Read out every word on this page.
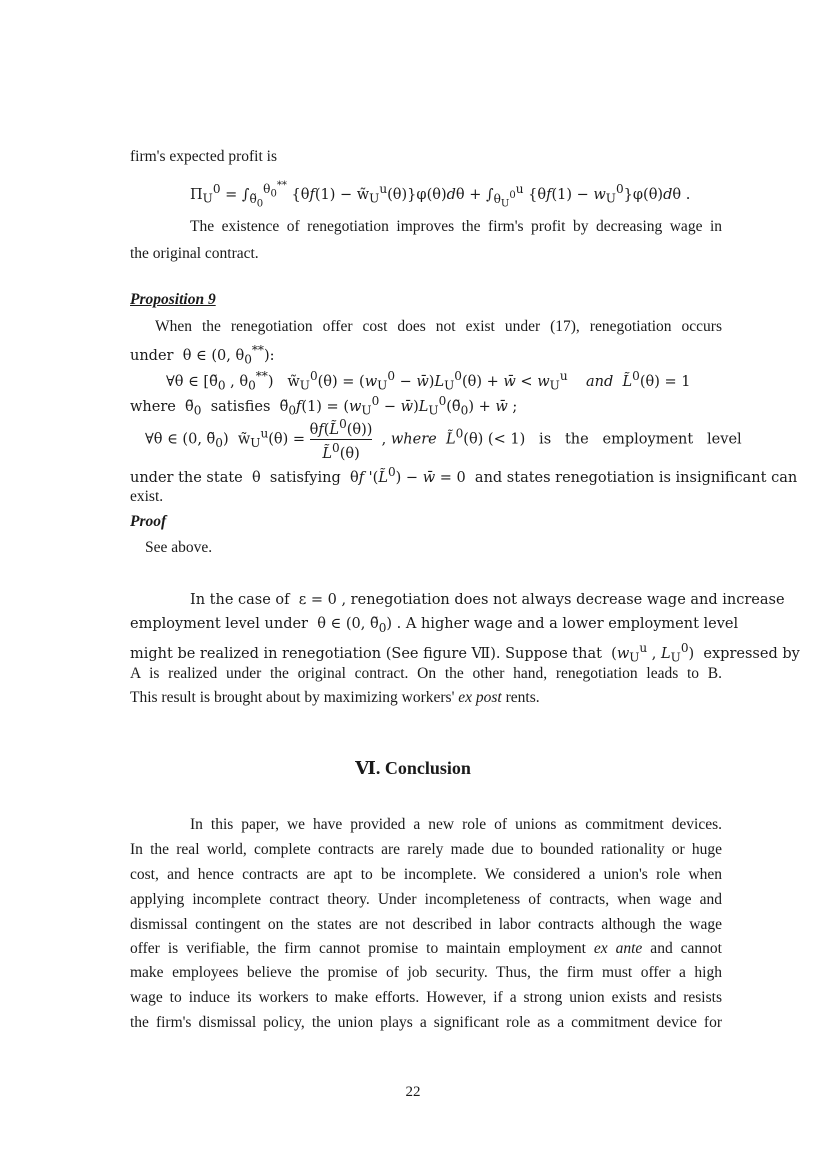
firm's expected profit is
$\Pi_U^0 = \int_{\thetã_0}^{\theta_0^{**}}$ $\{\theta f(1) - w̃_U^u(\theta)\}\varphi(\theta)d\theta + \int_{\theta_U^0}^u$ $\{\theta f(1) - w_U^0\}\varphi(\theta)d\theta$ .
The existence of renegotiation improves the firm's profit by decreasing wage in
the original contract.
Proposition 9
When the renegotiation offer cost does not exist under (17), renegotiation occurs
under  θ ∈ (0, $\theta_0^{**}$):
∀θ ∈ [$\thetã_0$ , $\theta_0^{**}$)   $w̃_U^0(\theta) = (w_U^0$ − $w̄)L_U^0(\theta)$ + w̄ < $w_U^u$ and L̃$^0$(θ) = 1
where  $\thetã_0$  satisfies  $\thetã_0f(1) = (w_U^0$ − $w̄)L_U^0(\thetã_0)$ + w̄ ;
∀θ ∈ (0, $\thetã_0$)  $w̃_U^u(\theta) = \frac{\theta f(L̃^0(\theta))}{L̃^0(\theta)}$ , where L̃$^0$(θ) (< 1)   is   the   employment   level
under the state  θ  satisfying  θf '(L̃$^0$) − w̄ = 0  and states renegotiation is insignificant can
exist.
Proof
See above.
In the case of  ε = 0 , renegotiation does not always decrease wage and increase
employment level under  θ ∈ (0, $\thetã_0$) . A higher wage and a lower employment level
might be realized in renegotiation (See figure Ⅶ). Suppose that  ($w_U^u$ , $L_U^0$)  expressed by
A is realized under the original contract. On the other hand, renegotiation leads to B.
This result is brought about by maximizing workers' ex post rents.
Ⅵ. Conclusion
In this paper, we have provided a new role of unions as commitment devices.
In the real world, complete contracts are rarely made due to bounded rationality or huge
cost, and hence contracts are apt to be incomplete. We considered a union's role when
applying incomplete contract theory. Under incompleteness of contracts, when wage and
dismissal contingent on the states are not described in labor contracts although the wage
offer is verifiable, the firm cannot promise to maintain employment ex ante and cannot
make employees believe the promise of job security. Thus, the firm must offer a high
wage to induce its workers to make efforts. However, if a strong union exists and resists
the firm's dismissal policy, the union plays a significant role as a commitment device for
22
